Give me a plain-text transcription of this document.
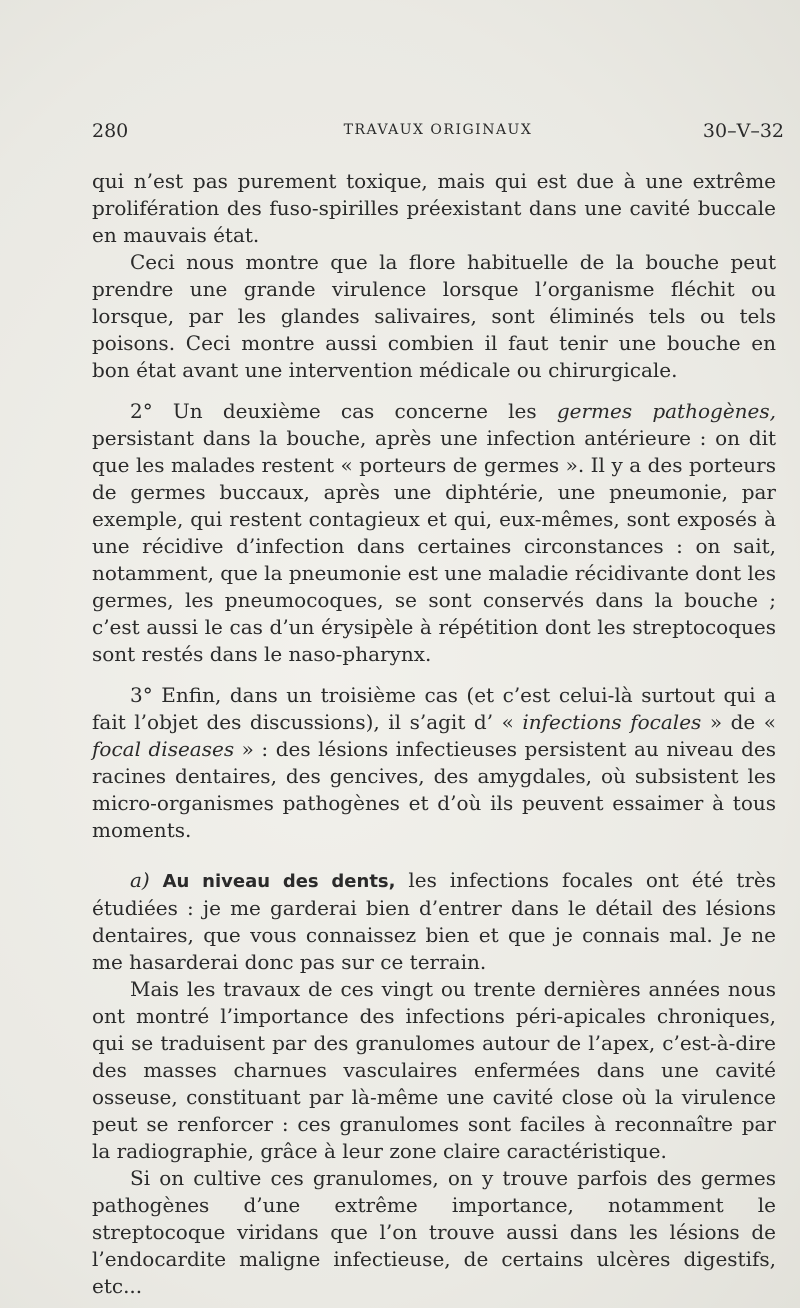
280	TRAVAUX ORIGINAUX	30–V–32

qui n’est pas purement toxique, mais qui est due à une extrême prolifération des fuso-spirilles préexistant dans une cavité buccale en mauvais état.

Ceci nous montre que la flore habituelle de la bouche peut prendre une grande virulence lorsque l’organisme fléchit ou lorsque, par les glandes salivaires, sont éliminés tels ou tels poisons. Ceci montre aussi combien il faut tenir une bouche en bon état avant une intervention médicale ou chirurgicale.

2° Un deuxième cas concerne les germes pathogènes, persistant dans la bouche, après une infection antérieure : on dit que les malades restent « porteurs de germes ». Il y a des porteurs de germes buccaux, après une diphtérie, une pneumonie, par exemple, qui restent contagieux et qui, eux-mêmes, sont exposés à une récidive d’infection dans certaines circonstances : on sait, notamment, que la pneumonie est une maladie récidivante dont les germes, les pneumocoques, se sont conservés dans la bouche ; c’est aussi le cas d’un érysipèle à répétition dont les streptocoques sont restés dans le naso-pharynx.

3° Enfin, dans un troisième cas (et c’est celui-là surtout qui a fait l’objet des discussions), il s’agit d’ « infections focales » de « focal diseases » : des lésions infectieuses persistent au niveau des racines dentaires, des gencives, des amygdales, où subsistent les micro-organismes pathogènes et d’où ils peuvent essaimer à tous moments.

a) Au niveau des dents, les infections focales ont été très étudiées : je me garderai bien d’entrer dans le détail des lésions dentaires, que vous connaissez bien et que je connais mal. Je ne me hasarderai donc pas sur ce terrain.

Mais les travaux de ces vingt ou trente dernières années nous ont montré l’importance des infections péri-apicales chroniques, qui se traduisent par des granulomes autour de l’apex, c’est-à-dire des masses charnues vasculaires enfermées dans une cavité osseuse, constituant par là-même une cavité close où la virulence peut se renforcer : ces granulomes sont faciles à reconnaître par la radiographie, grâce à leur zone claire caractéristique.

Si on cultive ces granulomes, on y trouve parfois des germes pathogènes d’une extrême importance, notamment le streptocoque viridans que l’on trouve aussi dans les lésions de l’endocardite maligne infectieuse, de certains ulcères digestifs, etc...
